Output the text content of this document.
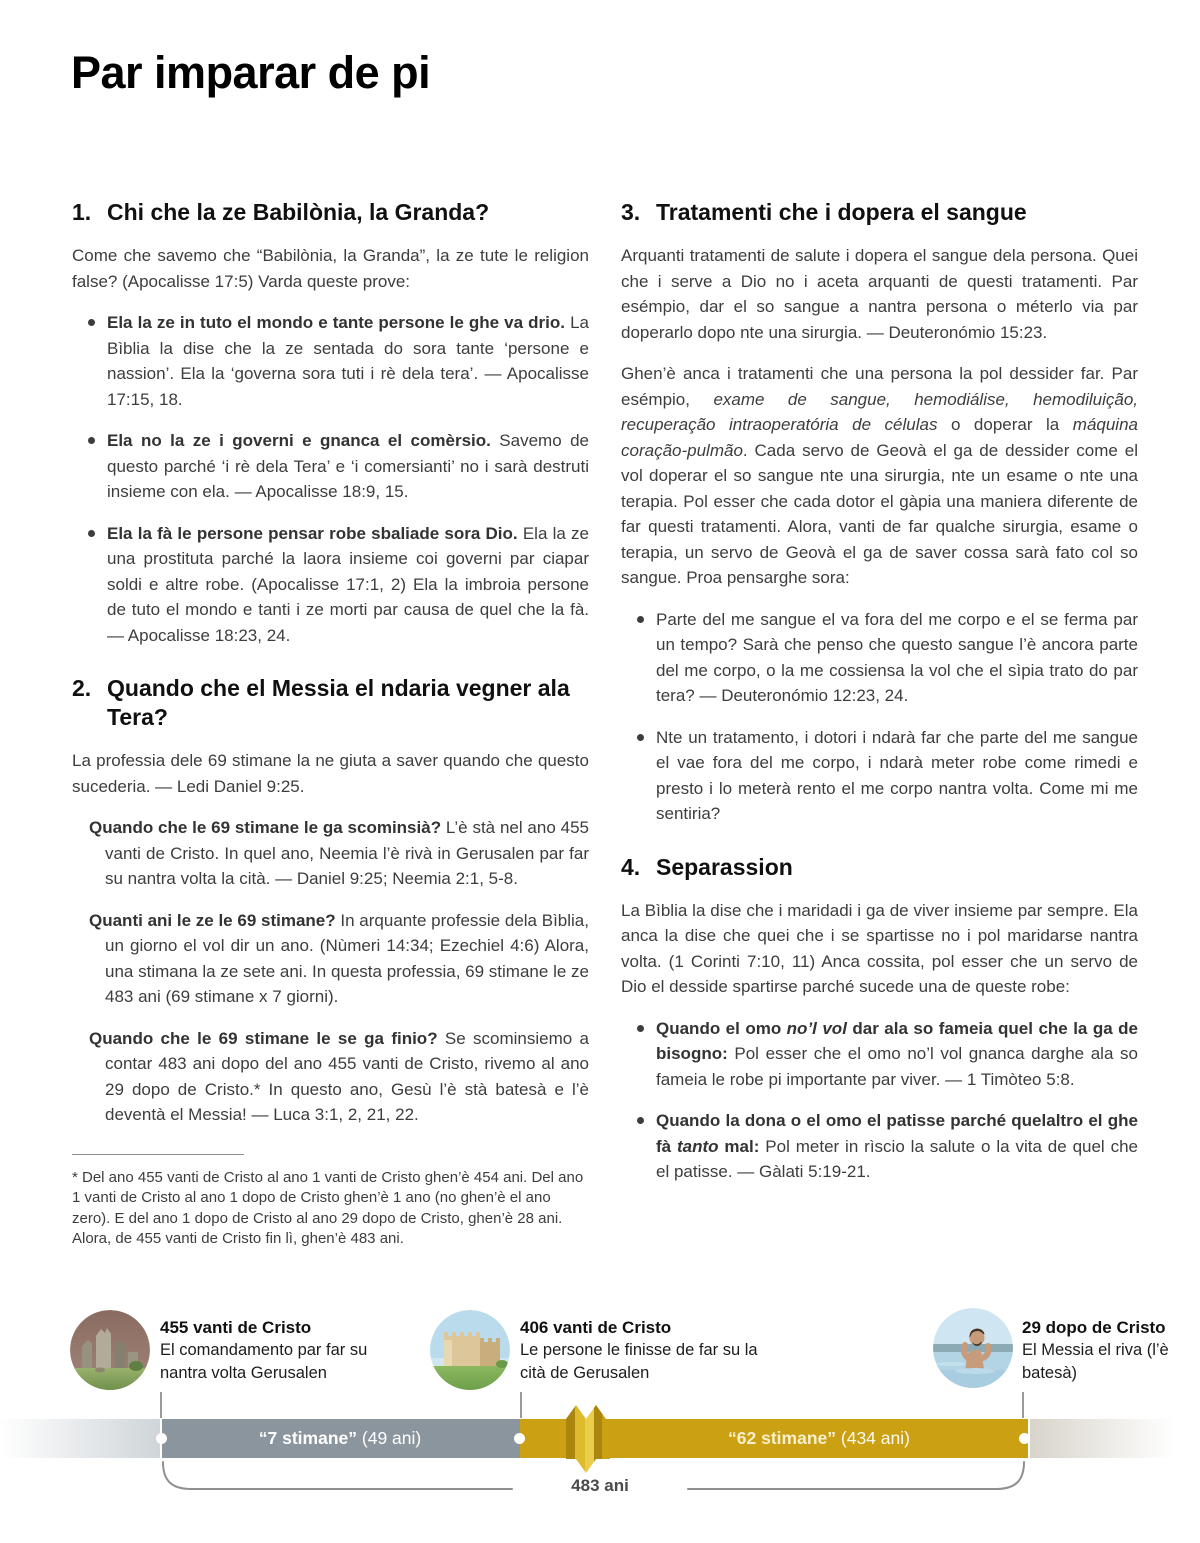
Par imparar de pi
1. Chi che la ze Babilònia, la Granda?

Come che savemo che “Babilònia, la Granda”, la ze tute le religion false? (Apocalisse 17:5) Varda queste prove:

Ela la ze in tuto el mondo e tante persone le ghe va drio. La Bìblia la dise che la ze sentada do sora tante ‘persone e nassion’. Ela la ‘governa sora tuti i rè dela tera’. — Apocalisse 17:15, 18.
Ela no la ze i governi e gnanca el comèrsio. Savemo de questo parché ‘i rè dela Tera’ e ‘i comersianti’ no i sarà destruti insieme con ela. — Apocalisse 18:9, 15.
Ela la fà le persone pensar robe sbaliade sora Dio. Ela la ze una prostituta parché la laora insieme coi governi par ciapar soldi e altre robe. (Apocalisse 17:1, 2) Ela la imbroia persone de tuto el mondo e tanti i ze morti par causa de quel che la fà. — Apocalisse 18:23, 24.
2. Quando che el Messia el ndaria vegner ala Tera?

La professia dele 69 stimane la ne giuta a saver quando che questo sucederia. — Ledi Daniel 9:25.

Quando che le 69 stimane le ga scominsià? L’è stà nel ano 455 vanti de Cristo. In quel ano, Neemia l’è rivà in Gerusalen par far su nantra volta la cità. — Daniel 9:25; Neemia 2:1, 5-8.
Quanti ani le ze le 69 stimane? In arquante professie dela Bìblia, un giorno el vol dir un ano. (Nùmeri 14:34; Ezechiel 4:6) Alora, una stimana la ze sete ani. In questa professia, 69 stimane le ze 483 ani (69 stimane x 7 giorni).
Quando che le 69 stimane le se ga finio? Se scominsiemo a contar 483 ani dopo del ano 455 vanti de Cristo, rivemo al ano 29 dopo de Cristo.* In questo ano, Gesù l’è stà batesà e l’è deventà el Messia! — Luca 3:1, 2, 21, 22.

* Del ano 455 vanti de Cristo al ano 1 vanti de Cristo ghen’è 454 ani. Del ano 1 vanti de Cristo al ano 1 dopo de Cristo ghen’è 1 ano (no ghen’è el ano zero). E del ano 1 dopo de Cristo al ano 29 dopo de Cristo, ghen’è 28 ani. Alora, de 455 vanti de Cristo fin lì, ghen’è 483 ani.

3. Tratamenti che i dopera el sangue

Arquanti tratamenti de salute i dopera el sangue dela persona. Quei che i serve a Dio no i aceta arquanti de questi tratamenti. Par esémpio, dar el so sangue a nantra persona o méterlo via par doperarlo dopo nte una sirurgia. — Deuteronómio 15:23.

Ghen’è anca i tratamenti che una persona la pol dessider far. Par esémpio, exame de sangue, hemodiálise, hemodiluição, recuperação intraoperatória de células o doperar la máquina coração-pulmão. Cada servo de Geovà el ga de dessider come el vol doperar el so sangue nte una sirurgia, nte un esame o nte una terapia. Pol esser che cada dotor el gàpia una maniera diferente de far questi tratamenti. Alora, vanti de far qualche sirurgia, esame o terapia, un servo de Geovà el ga de saver cossa sarà fato col so sangue. Proa pensarghe sora:

Parte del me sangue el va fora del me corpo e el se ferma par un tempo? Sarà che penso che questo sangue l’è ancora parte del me corpo, o la me cossiensa la vol che el sìpia trato do par tera? — Deuteronómio 12:23, 24.
Nte un tratamento, i dotori i ndarà far che parte del me sangue el vae fora del me corpo, i ndarà meter robe come rimedi e presto i lo meterà rento el me corpo nantra volta. Come mi me sentiria?
4. Separassion

La Bìblia la dise che i maridadi i ga de viver insieme par sempre. Ela anca la dise che quei che i se spartisse no i pol maridarse nantra volta. (1 Corinti 7:10, 11) Anca cossita, pol esser che un servo de Dio el desside spartirse parché sucede una de queste robe:

Quando el omo no’l vol dar ala so fameia quel che la ga de bisogno: Pol esser che el omo no’l vol gnanca darghe ala so fameia le robe pi importante par viver. — 1 Timòteo 5:8.
Quando la dona o el omo el patisse parché quelaltro el ghe fà tanto mal: Pol meter in rìscio la salute o la vita de quel che el patisse. — Gàlati 5:19-21.
455 vanti de Cristo
El comandamento par far su nantra volta Gerusalen
406 vanti de Cristo
Le persone le finisse de far su la cità de Gerusalen
29 dopo de Cristo
El Messia el riva (l’è batesà)
“7 stimane” (49 ani)	“62 stimane” (434 ani)
483 ani
